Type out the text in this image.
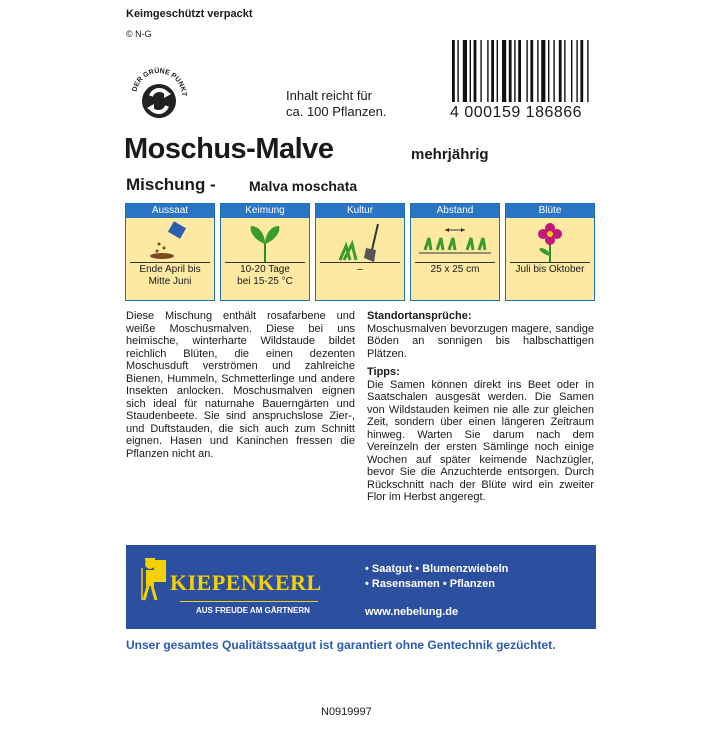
Keimgeschützt verpackt
© N-G
DER GRÜNE PUNKT	Inhalt reicht für
ca. 100 Pflanzen.	4 000159 186866
Moschus-Malve	mehrjährig
Mischung - Malva moschata
Aussaat
Ende April bis
Mitte Juni
Keimung
10-20 Tage
bei 15-25 °C
Kultur
–
Abstand
25 x 25 cm
Blüte
Juli bis Oktober
Diese Mischung enthält rosafarbene und weiße Moschusmalven. Diese bei uns heimische, winterharte Wildstaude bildet reichlich Blüten, die einen dezenten Moschusduft verströmen und zahlreiche Bienen, Hummeln, Schmetterlinge und andere Insekten anlocken. Moschusmalven eignen sich ideal für naturnahe Bauerngärten und Staudenbeete. Sie sind anspruchslose Zier-, und Duftstauden, die sich auch zum Schnitt eignen. Hasen und Kaninchen fressen die Pflanzen nicht an.
Standortansprüche:
Moschusmalven bevorzugen magere, sandige Böden an sonnigen bis halbschattigen Plätzen.
Tipps:
Die Samen können direkt ins Beet oder in Saatschalen ausgesät werden. Die Samen von Wildstauden keimen nie alle zur gleichen Zeit, sondern über einen längeren Zeitraum hinweg. Warten Sie darum nach dem Vereinzeln der ersten Sämlinge noch einige Wochen auf später keimende Nachzügler, bevor Sie die Anzuchterde entsorgen. Durch Rückschnitt nach der Blüte wird ein zweiter Flor im Herbst angeregt.
KIEPENKERL
AUS FREUDE AM GÄRTNERN
• Saatgut • Blumenzwiebeln
• Rasensamen • Pflanzen
www.nebelung.de
Unser gesamtes Qualitätssaatgut ist garantiert ohne Gentechnik gezüchtet.
N0919997
